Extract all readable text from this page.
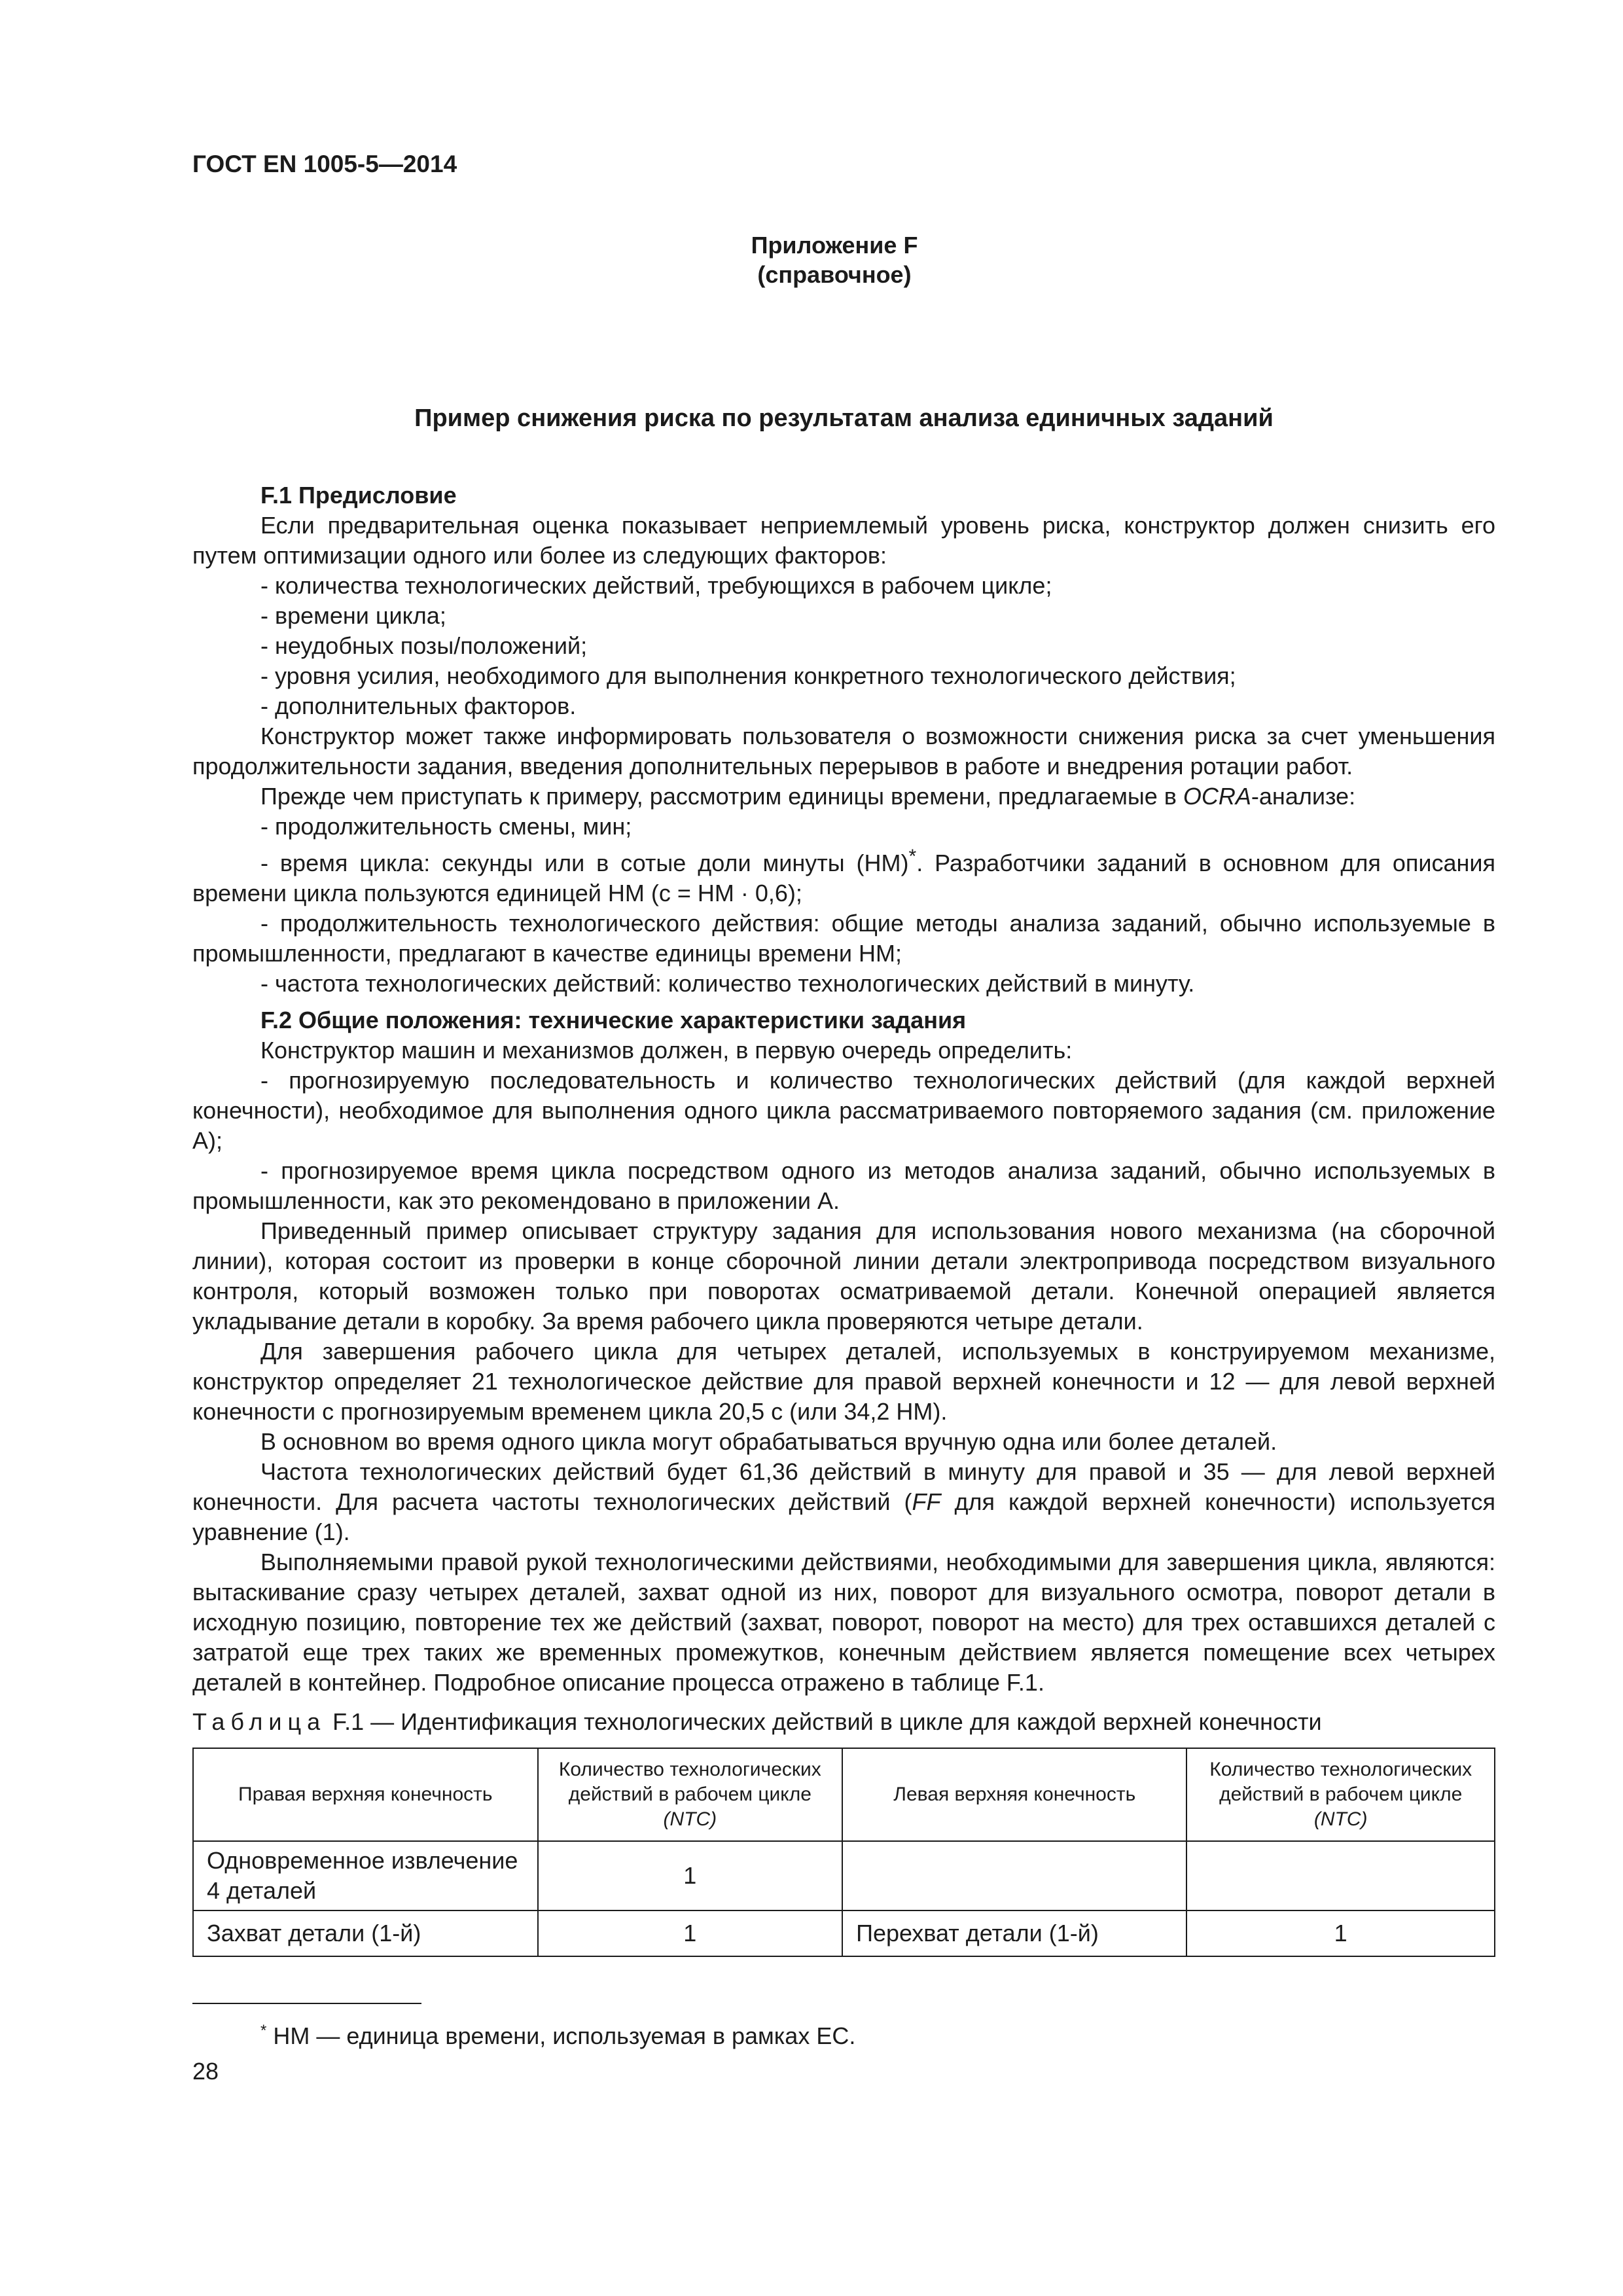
ГОСТ EN 1005-5—2014
Приложение F
(справочное)
Пример снижения риска по результатам анализа единичных заданий

F.1 Предисловие

Если предварительная оценка показывает неприемлемый уровень риска, конструктор должен снизить его путем оптимизации одного или более из следующих факторов:

- количества технологических действий, требующихся в рабочем цикле;

- времени цикла;

- неудобных позы/положений;

- уровня усилия, необходимого для выполнения конкретного технологического действия;

- дополнительных факторов.

Конструктор может также информировать пользователя о возможности снижения риска за счет уменьшения продолжительности задания, введения дополнительных перерывов в работе и внедрения ротации работ.

Прежде чем приступать к примеру, рассмотрим единицы времени, предлагаемые в OCRA-анализе:

- продолжительность смены, мин;

- время цикла: секунды или в сотые доли минуты (НМ)*. Разработчики заданий в основном для описания времени цикла пользуются единицей НМ (с = НМ · 0,6);

- продолжительность технологического действия: общие методы анализа заданий, обычно используемые в промышленности, предлагают в качестве единицы времени НМ;

- частота технологических действий: количество технологических действий в минуту.

F.2 Общие положения: технические характеристики задания

Конструктор машин и механизмов должен, в первую очередь определить:

- прогнозируемую последовательность и количество технологических действий (для каждой верхней конечности), необходимое для выполнения одного цикла рассматриваемого повторяемого задания (см. приложение А);

- прогнозируемое время цикла посредством одного из методов анализа заданий, обычно используемых в промышленности, как это рекомендовано в приложении А.

Приведенный пример описывает структуру задания для использования нового механизма (на сборочной линии), которая состоит из проверки в конце сборочной линии детали электропривода посредством визуального контроля, который возможен только при поворотах осматриваемой детали. Конечной операцией является укладывание детали в коробку. За время рабочего цикла проверяются четыре детали.

Для завершения рабочего цикла для четырех деталей, используемых в конструируемом механизме, конструктор определяет 21 технологическое действие для правой верхней конечности и 12 — для левой верхней конечности с прогнозируемым временем цикла 20,5 с (или 34,2 НМ).

В основном во время одного цикла могут обрабатываться вручную одна или более деталей.

Частота технологических действий будет 61,36 действий в минуту для правой и 35 — для левой верхней конечности. Для расчета частоты технологических действий (FF для каждой верхней конечности) используется уравнение (1).

Выполняемыми правой рукой технологическими действиями, необходимыми для завершения цикла, являются: вытаскивание сразу четырех деталей, захват одной из них, поворот для визуального осмотра, поворот детали в исходную позицию, повторение тех же действий (захват, поворот, поворот на место) для трех оставшихся деталей с затратой еще трех таких же временных промежутков, конечным действием является помещение всех четырех деталей в контейнер. Подробное описание процесса отражено в таблице F.1.

Таблица F.1 — Идентификация технологических действий в цикле для каждой верхней конечности

Правая верхняя конечность	Количество технологических действий в рабочем цикле (NTC)	Левая верхняя конечность	Количество технологических действий в рабочем цикле (NTC)
Одновременное извлечение 4 деталей	1		
Захват детали (1-й)	1	Перехват детали (1-й)	1
* НМ — единица времени, используемая в рамках ЕС.
28
